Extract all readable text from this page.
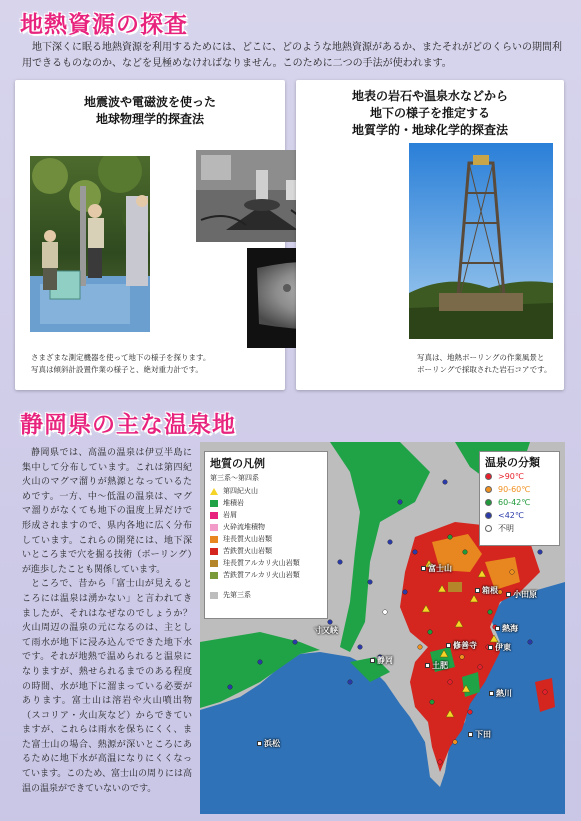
地熱資源の探査
地下深くに眠る地熱資源を利用するためには、どこに、どのような地熱資源があるか、またそれがどのくらいの期間利用できるものなのか、などを見極めなければなりません。このために二つの手法が使われます。
地震波や電磁波を使った
地球物理学的探査法
さまざまな測定機器を使って地下の様子を探ります。
写真は傾斜計設置作業の様子と、絶対重力計です。
地表の岩石や温泉水などから
地下の様子を推定する
地質学的・地球化学的探査法
写真は、地熱ボーリングの作業風景と
ボーリングで採取された岩石コアです。
静岡県の主な温泉地

静岡県では、高温の温泉は伊豆半島に集中して分布しています。これは第四紀火山のマグマ溜りが熱源となっているためです。一方、中～低温の温泉は、マグマ溜りがなくても地下の温度上昇だけで形成されますので、県内各地に広く分布しています。これらの開発には、地下深いところまで穴を掘る技術（ボーリング）が進歩したことも関係しています。

ところで、昔から「富士山が見えるところには温泉は湧かない」と言われてきましたが、それはなぜなのでしょうか？火山周辺の温泉の元になるのは、主として雨水が地下に浸み込んでできた地下水です。それが地熱で温められると温泉になりますが、熱せられるまでのある程度の時間、水が地下に溜まっている必要があります。富士山は溶岩や火山噴出物（スコリア・火山灰など）からできていますが、これらは雨水を保ちにくく、また富士山の場合、熱源が深いところにあるために地下水が高温になりにくくなっています。このため、富士山の周りには高温の温泉ができていないのです。

富士山
箱根	小田原
静岡
熱海
伊東
修善寺
土肥
熱川
下田
浜松
寸又峡
地質の凡例
第三系～第四系
第四紀火山
堆積岩
岩屑
火砕流堆積物
珪長質火山岩類
苦鉄質火山岩類
珪長質アルカリ火山岩類
苦鉄質アルカリ火山岩類
先第三系
温泉の分類
>90℃
90-60℃
60-42℃
<42℃
不明
